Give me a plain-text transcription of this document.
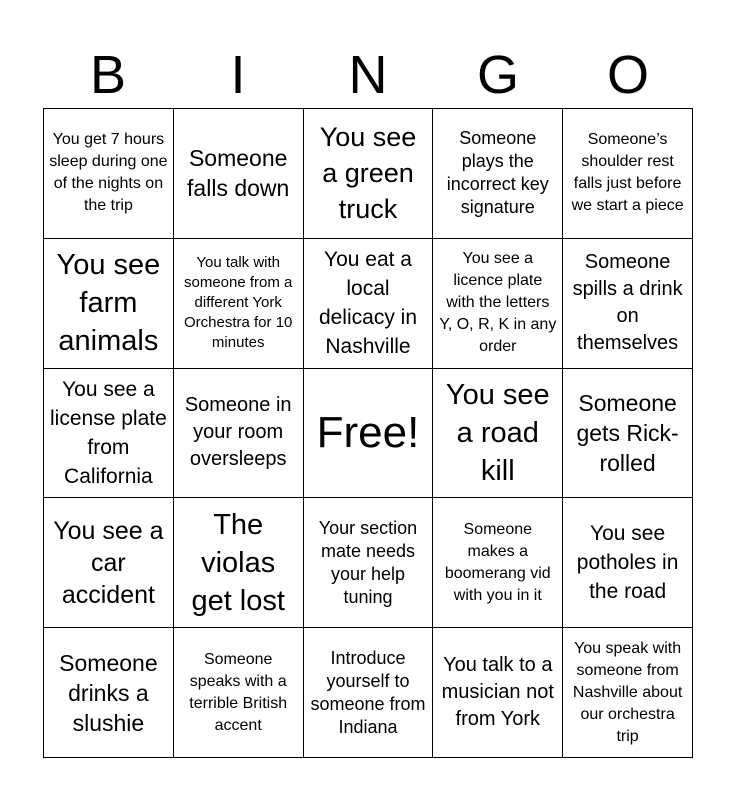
B	I	N	G	O
You get 7 hours sleep during one of the nights on the trip
Someone falls down
You see a green truck
Someone plays the incorrect key signature
Someone’s shoulder rest falls just before we start a piece
You see farm animals
You talk with someone from a different York Orchestra for 10 minutes
You eat a local delicacy in Nashville
You see a licence plate with the letters Y, O, R, K in any order
Someone spills a drink on themselves
You see a license plate from California
Someone in your room oversleeps
Free!
You see a road kill
Someone gets Rick-rolled
You see a car accident
The violas get lost
Your section mate needs your help tuning
Someone makes a boomerang vid with you in it
You see potholes in the road
Someone drinks a slushie
Someone speaks with a terrible British accent
Introduce yourself to someone from Indiana
You talk to a musician not from York
You speak with someone from Nashville about our orchestra trip
